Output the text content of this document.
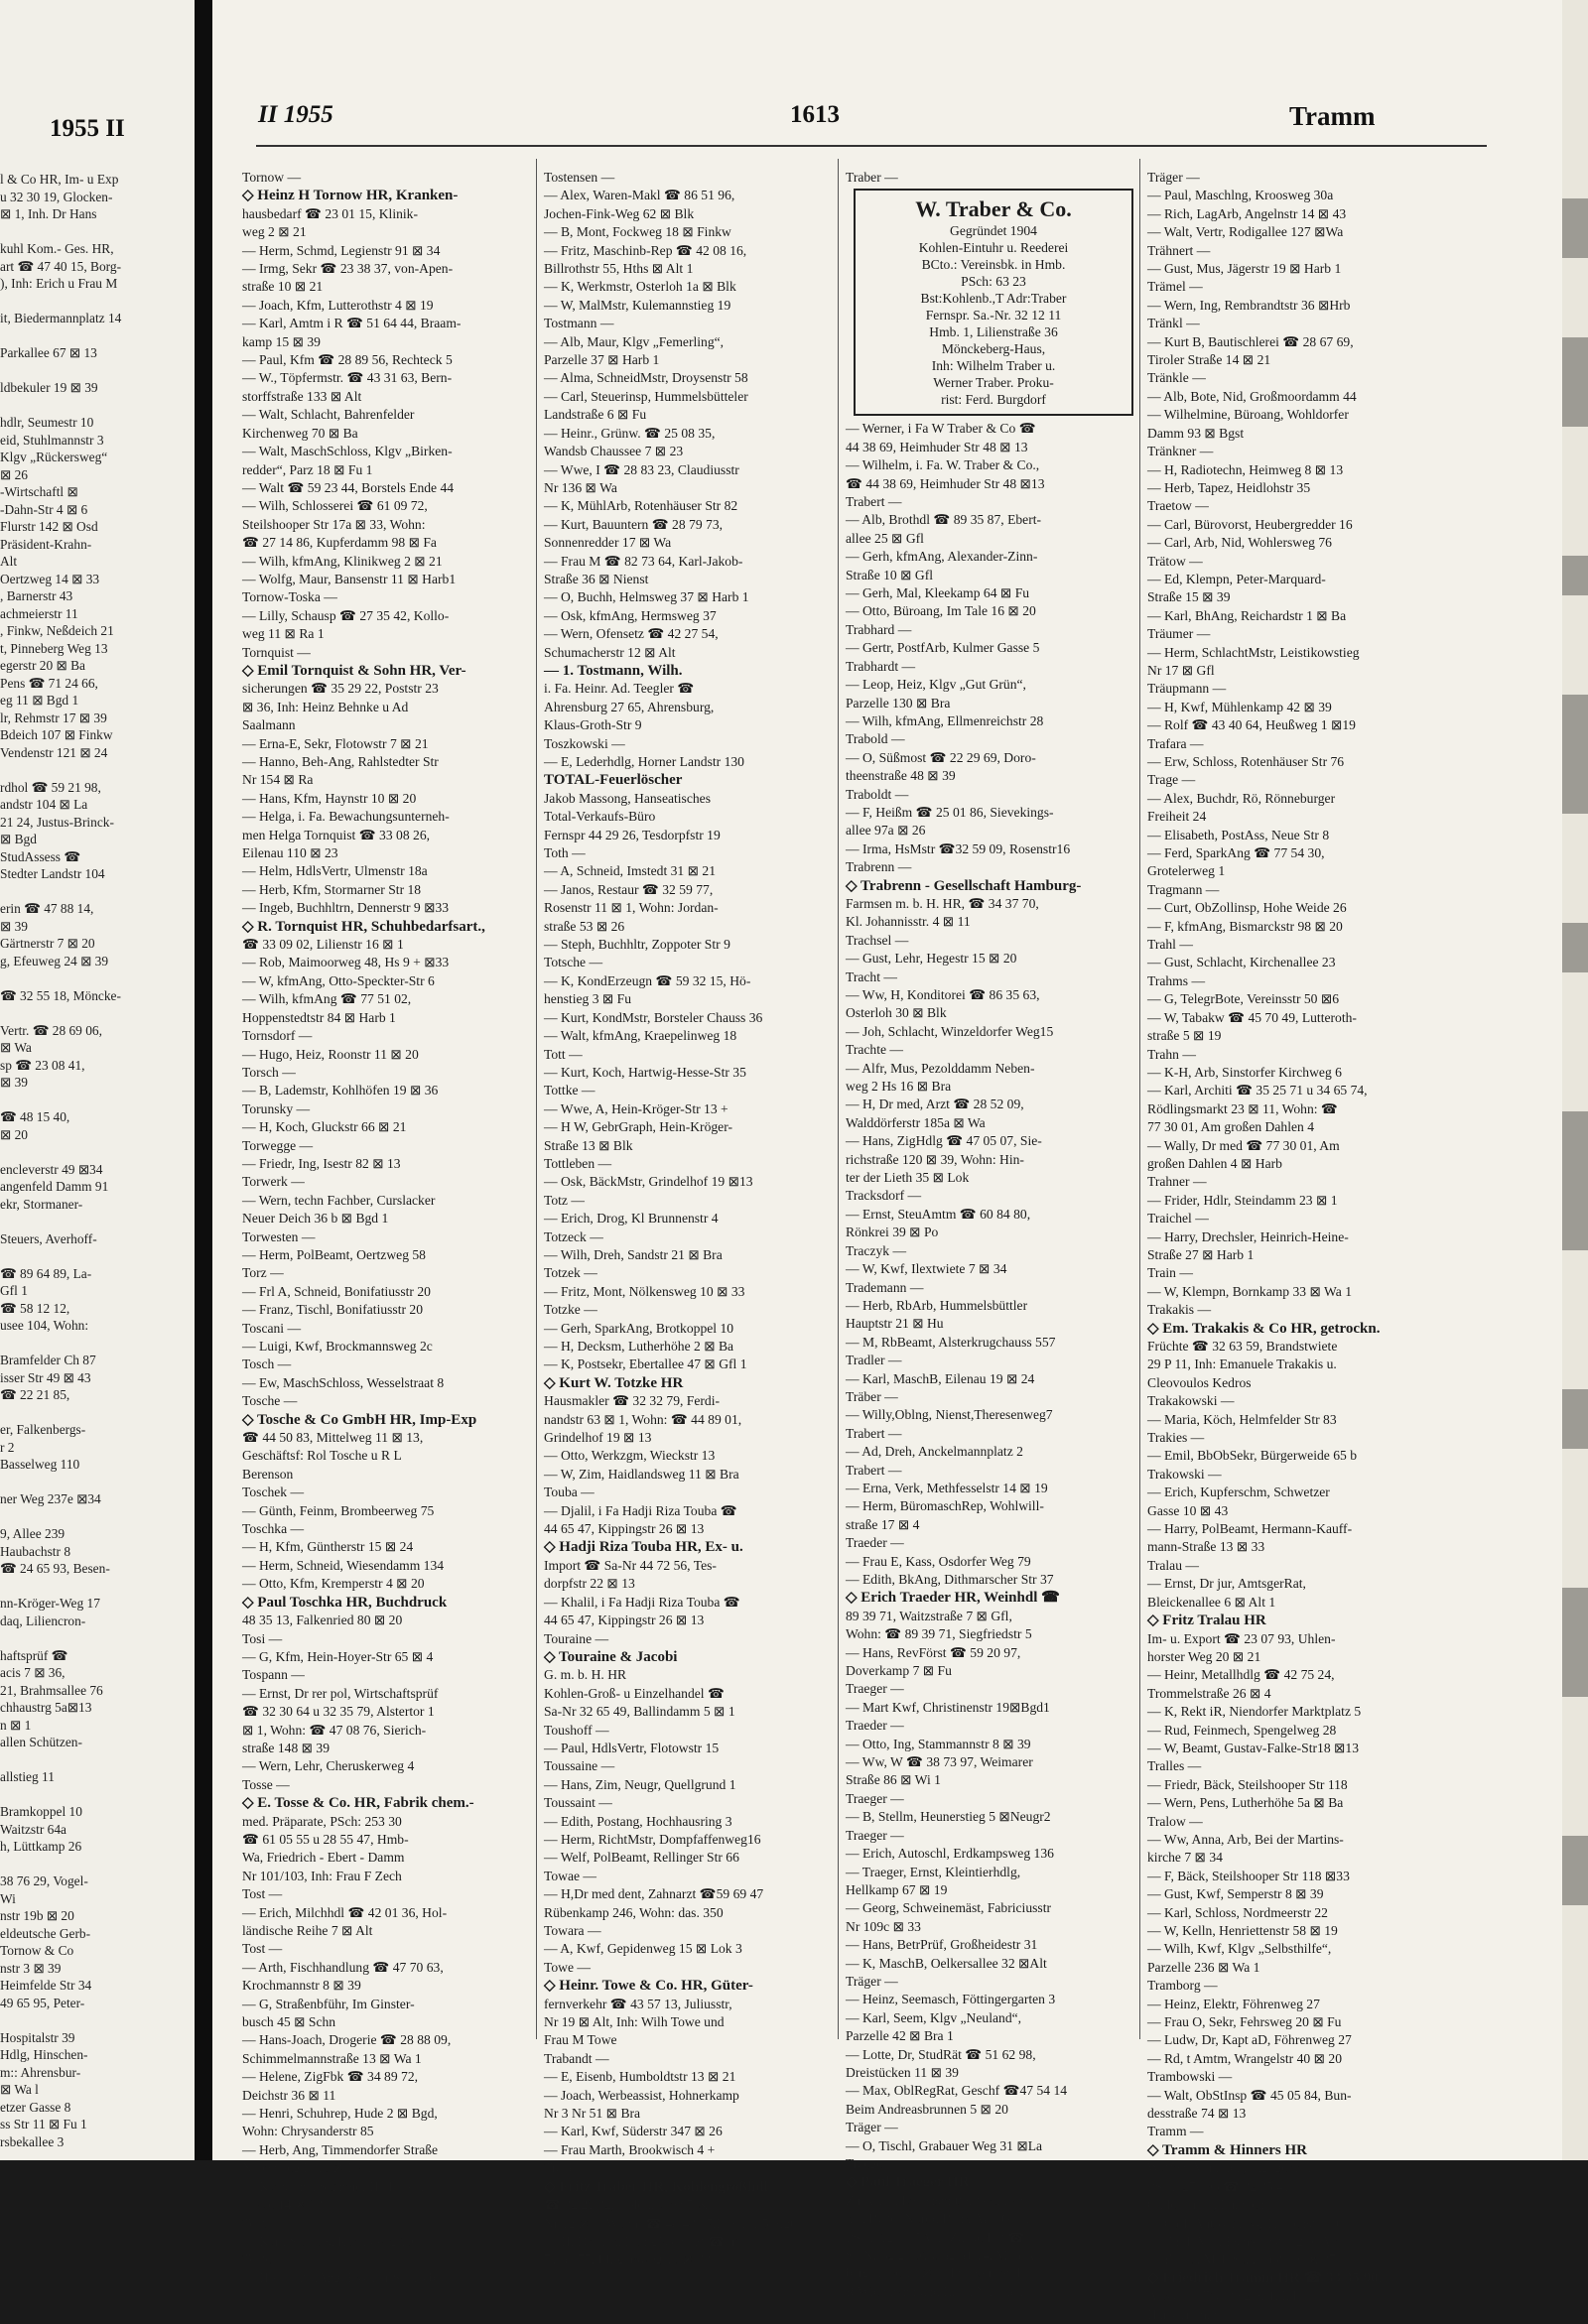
1955 II
l & Co HR, Im- u Exp
u 32 30 19, Glocken-
⊠ 1, Inh. Dr Hans

kuhl Kom.- Ges. HR,
art ☎ 47 40 15, Borg-
), Inh: Erich u Frau M

it, Biedermannplatz 14

Parkallee 67 ⊠ 13

ldbekuler 19 ⊠ 39

hdlr, Seumestr 10
eid, Stuhlmannstr 3
Klgv „Rückersweg“
⊠ 26
-Wirtschaftl ⊠
-Dahn-Str 4 ⊠ 6
Flurstr 142 ⊠ Osd
Präsident-Krahn-
Alt
Oertzweg 14 ⊠ 33
, Barnerstr 43
achmeierstr 11
, Finkw, Neßdeich 21
t, Pinneberg Weg 13
egerstr 20 ⊠ Ba
Pens ☎ 71 24 66,
eg 11 ⊠ Bgd 1
lr, Rehmstr 17 ⊠ 39
Bdeich 107 ⊠ Finkw
Vendenstr 121 ⊠ 24

rdhol ☎ 59 21 98,
andstr 104 ⊠ La
21 24, Justus-Brinck-
⊠ Bgd
StudAssess ☎
Stedter Landstr 104

erin ☎ 47 88 14,
⊠ 39
Gärtnerstr 7 ⊠ 20
g, Efeuweg 24 ⊠ 39

☎ 32 55 18, Möncke-

Vertr. ☎ 28 69 06,
⊠ Wa
sp ☎ 23 08 41,
⊠ 39

☎ 48 15 40,
⊠ 20

encleverstr 49 ⊠34
angenfeld Damm 91
ekr, Stormaner-

Steuers, Averhoff-

☎ 89 64 89, La-
Gfl 1
☎ 58 12 12,
usee 104, Wohn:

Bramfelder Ch 87
isser Str 49 ⊠ 43
☎ 22 21 85,

er, Falkenbergs-
r 2
Basselweg 110

ner Weg 237e ⊠34

9, Allee 239
Haubachstr 8
☎ 24 65 93, Besen-

nn-Kröger-Weg 17
daq, Liliencron-

haftsprüf ☎
acis 7 ⊠ 36,
21, Brahmsallee 76
chhaustrg 5a⊠13
n ⊠ 1
allen Schützen-

allstieg 11

Bramkoppel 10
Waitzstr 64a
h, Lüttkamp 26

38 76 29, Vogel-
Wi
nstr 19b ⊠ 20
eldeutsche Gerb-
Tornow & Co
nstr 3 ⊠ 39
Heimfelde Str 34
49 65 95, Peter-

Hospitalstr 39
Hdlg, Hinschen-
m:: Ahrensbur-
⊠ Wa l
etzer Gasse 8
ss Str 11 ⊠ Fu 1
rsbekallee 3
II 1955	1613	Tramm
Tornow —
◇ Heinz H Tornow HR, Kranken-
hausbedarf ☎ 23 01 15, Klinik-
weg 2 ⊠ 21
— Herm, Schmd, Legienstr 91 ⊠ 34
— Irmg, Sekr ☎ 23 38 37, von-Apen-
straße 10 ⊠ 21
— Joach, Kfm, Lutterothstr 4 ⊠ 19
— Karl, Amtm i R ☎ 51 64 44, Braam-
kamp 15 ⊠ 39
— Paul, Kfm ☎ 28 89 56, Rechteck 5
— W., Töpfermstr. ☎ 43 31 63, Bern-
storffstraße 133 ⊠ Alt
— Walt, Schlacht, Bahrenfelder
Kirchenweg 70 ⊠ Ba
— Walt, MaschSchloss, Klgv „Birken-
redder“, Parz 18 ⊠ Fu 1
— Walt ☎ 59 23 44, Borstels Ende 44
— Wilh, Schlosserei ☎ 61 09 72,
Steilshooper Str 17a ⊠ 33, Wohn:
☎ 27 14 86, Kupferdamm 98 ⊠ Fa
— Wilh, kfmAng, Klinikweg 2 ⊠ 21
— Wolfg, Maur, Bansenstr 11 ⊠ Harb1
Tornow-Toska —
— Lilly, Schausp ☎ 27 35 42, Kollo-
weg 11 ⊠ Ra 1
Tornquist —
◇ Emil Tornquist & Sohn HR, Ver-
sicherungen ☎ 35 29 22, Poststr 23
⊠ 36, Inh: Heinz Behnke u Ad
Saalmann
— Erna-E, Sekr, Flotowstr 7 ⊠ 21
— Hanno, Beh-Ang, Rahlstedter Str
Nr 154 ⊠ Ra
— Hans, Kfm, Haynstr 10 ⊠ 20
— Helga, i. Fa. Bewachungsunterneh-
men Helga Tornquist ☎ 33 08 26,
Eilenau 110 ⊠ 23
— Helm, HdlsVertr, Ulmenstr 18a
— Herb, Kfm, Stormarner Str 18
— Ingeb, Buchhltrn, Dennerstr 9 ⊠33
◇ R. Tornquist HR, Schuhbedarfsart.,
☎ 33 09 02, Lilienstr 16 ⊠ 1
— Rob, Maimoorweg 48, Hs 9 + ⊠33
— W, kfmAng, Otto-Speckter-Str 6
— Wilh, kfmAng ☎ 77 51 02,
Hoppenstedtstr 84 ⊠ Harb 1
Tornsdorf —
— Hugo, Heiz, Roonstr 11 ⊠ 20
Torsch —
— B, Lademstr, Kohlhöfen 19 ⊠ 36
Torunsky —
— H, Koch, Gluckstr 66 ⊠ 21
Torwegge —
— Friedr, Ing, Isestr 82 ⊠ 13
Torwerk —
— Wern, techn Fachber, Curslacker
Neuer Deich 36 b ⊠ Bgd 1
Torwesten —
— Herm, PolBeamt, Oertzweg 58
Torz —
— Frl A, Schneid, Bonifatiusstr 20
— Franz, Tischl, Bonifatiusstr 20
Toscani —
— Luigi, Kwf, Brockmannsweg 2c
Tosch —
— Ew, MaschSchloss, Wesselstraat 8
Tosche —
◇ Tosche & Co GmbH HR, Imp-Exp
☎ 44 50 83, Mittelweg 11 ⊠ 13,
Geschäftsf: Rol Tosche u R L
Berenson
Toschek —
— Günth, Feinm, Brombeerweg 75
Toschka —
— H, Kfm, Güntherstr 15 ⊠ 24
— Herm, Schneid, Wiesendamm 134
— Otto, Kfm, Kremperstr 4 ⊠ 20
◇ Paul Toschka HR, Buchdruck
48 35 13, Falkenried 80 ⊠ 20
Tosi —
— G, Kfm, Hein-Hoyer-Str 65 ⊠ 4
Tospann —
— Ernst, Dr rer pol, Wirtschaftsprüf
☎ 32 30 64 u 32 35 79, Alstertor 1
⊠ 1, Wohn: ☎ 47 08 76, Sierich-
straße 148 ⊠ 39
— Wern, Lehr, Cheruskerweg 4
Tosse —
◇ E. Tosse & Co. HR, Fabrik chem.-
med. Präparate, PSch: 253 30
☎ 61 05 55 u 28 55 47, Hmb-
Wa, Friedrich - Ebert - Damm
Nr 101/103, Inh: Frau F Zech
Tost —
— Erich, Milchhdl ☎ 42 01 36, Hol-
ländische Reihe 7 ⊠ Alt
Tost —
— Arth, Fischhandlung ☎ 47 70 63,
Krochmannstr 8 ⊠ 39
— G, Straßenbführ, Im Ginster-
busch 45 ⊠ Schn
— Hans-Joach, Drogerie ☎ 28 88 09,
Schimmelmannstraße 13 ⊠ Wa 1
— Helene, ZigFbk ☎ 34 89 72,
Deichstr 36 ⊠ 11
— Henri, Schuhrep, Hude 2 ⊠ Bgd,
Wohn: Chrysanderstr 85
— Herb, Ang, Timmendorfer Straße
Nebenweg H 18 ⊠ Ra 1
— Katharina, Schneid, Hellbrook-
straße 14 ⊠ 33
Tosta —
— Karl, Schloss, Rütersbarg 10
Toste —
— Horst, kfmAng, Essener Str 13 b
Tostensen —
— Alex, Waren-Makl ☎ 86 51 96,
Jochen-Fink-Weg 62 ⊠ Blk
— B, Mont, Fockweg 18 ⊠ Finkw
— Fritz, Maschinb-Rep ☎ 42 08 16,
Billrothstr 55, Hths ⊠ Alt 1
— K, Werkmstr, Osterloh 1a ⊠ Blk
— W, MalMstr, Kulemannstieg 19
Tostmann —
— Alb, Maur, Klgv „Femerling“,
Parzelle 37 ⊠ Harb 1
— Alma, SchneidMstr, Droysenstr 58
— Carl, Steuerinsp, Hummelsbütteler
Landstraße 6 ⊠ Fu
— Heinr., Grünw. ☎ 25 08 35,
Wandsb Chaussee 7 ⊠ 23
— Wwe, I ☎ 28 83 23, Claudiusstr
Nr 136 ⊠ Wa
— K, MühlArb, Rotenhäuser Str 82
— Kurt, Bauuntern ☎ 28 79 73,
Sonnenredder 17 ⊠ Wa
— Frau M ☎ 82 73 64, Karl-Jakob-
Straße 36 ⊠ Nienst
— O, Buchh, Helmsweg 37 ⊠ Harb 1
— Osk, kfmAng, Hermsweg 37
— Wern, Ofensetz ☎ 42 27 54,
Schumacherstr 12 ⊠ Alt
— 1. Tostmann, Wilh.
i. Fa. Heinr. Ad. Teegler ☎
Ahrensburg 27 65, Ahrensburg,
Klaus-Groth-Str 9
Toszkowski —
— E, Lederhdlg, Horner Landstr 130
TOTAL-Feuerlöscher
Jakob Massong, Hanseatisches
Total-Verkaufs-Büro
Fernspr 44 29 26, Tesdorpfstr 19
Toth —
— A, Schneid, Imstedt 31 ⊠ 21
— Janos, Restaur ☎ 32 59 77,
Rosenstr 11 ⊠ 1, Wohn: Jordan-
straße 53 ⊠ 26
— Steph, Buchhltr, Zoppoter Str 9
Totsche —
— K, KondErzeugn ☎ 59 32 15, Hö-
henstieg 3 ⊠ Fu
— Kurt, KondMstr, Borsteler Chauss 36
— Walt, kfmAng, Kraepelinweg 18
Tott —
— Kurt, Koch, Hartwig-Hesse-Str 35
Tottke —
— Wwe, A, Hein-Kröger-Str 13 +
— H W, GebrGraph, Hein-Kröger-
Straße 13 ⊠ Blk
Tottleben —
— Osk, BäckMstr, Grindelhof 19 ⊠13
Totz —
— Erich, Drog, Kl Brunnenstr 4
Totzeck —
— Wilh, Dreh, Sandstr 21 ⊠ Bra
Totzek —
— Fritz, Mont, Nölkensweg 10 ⊠ 33
Totzke —
— Gerh, SparkAng, Brotkoppel 10
— H, Decksm, Lutherhöhe 2 ⊠ Ba
— K, Postsekr, Ebertallee 47 ⊠ Gfl 1
◇ Kurt W. Totzke HR
Hausmakler ☎ 32 32 79, Ferdi-
nandstr 63 ⊠ 1, Wohn: ☎ 44 89 01,
Grindelhof 19 ⊠ 13
— Otto, Werkzgm, Wieckstr 13
— W, Zim, Haidlandsweg 11 ⊠ Bra
Touba —
— Djalil, i Fa Hadji Riza Touba ☎
44 65 47, Kippingstr 26 ⊠ 13
◇ Hadji Riza Touba HR, Ex- u.
Import ☎ Sa-Nr 44 72 56, Tes-
dorpfstr 22 ⊠ 13
— Khalil, i Fa Hadji Riza Touba ☎
44 65 47, Kippingstr 26 ⊠ 13
Touraine —
◇ Touraine & Jacobi
G. m. b. H. HR
Kohlen-Groß- u Einzelhandel ☎
Sa-Nr 32 65 49, Ballindamm 5 ⊠ 1
Toushoff —
— Paul, HdlsVertr, Flotowstr 15
Toussaine —
— Hans, Zim, Neugr, Quellgrund 1
Toussaint —
— Edith, Postang, Hochhausring 3
— Herm, RichtMstr, Dompfaffenweg16
— Welf, PolBeamt, Rellinger Str 66
Towae —
— H,Dr med dent, Zahnarzt ☎59 69 47
Rübenkamp 246, Wohn: das. 350
Towara —
— A, Kwf, Gepidenweg 15 ⊠ Lok 3
Towe —
◇ Heinr. Towe & Co. HR, Güter-
fernverkehr ☎ 43 57 13, Juliusstr,
Nr 19 ⊠ Alt, Inh: Wilh Towe und
Frau M Towe
Trabandt —
— E, Eisenb, Humboldtstr 13 ⊠ 21
— Joach, Werbeassist, Hohnerkamp
Nr 3 Nr 51 ⊠ Bra
— Karl, Kwf, Süderstr 347 ⊠ 26
— Frau Marth, Brookwisch 4 +
Traber —
◇ Fritz Traber HR, Kohlengroßhdl
☎ 32 21 32, Colonnaden 5 ⊠ 36
Nr 12 ⊠ 1, Wohn: ☎ 48 43 67,Haynstr 5 ⊠20
— H, Dr med, RöntgFacharzt ☎ üb
71 30 75, Elligersweg 18 ⊠ 33
Traber —
W. Traber & Co.
Gegründet 1904
Kohlen-Eintuhr u. Reederei
BCto.: Vereinsbk. in Hmb.
PSch: 63 23
Bst:Kohlenb.,T Adr:Traber
Fernspr. Sa.-Nr. 32 12 11
Hmb. 1, Lilienstraße 36
Mönckeberg-Haus,
Inh: Wilhelm Traber u.
Werner Traber. Proku-
rist: Ferd. Burgdorf
— Werner, i Fa W Traber & Co ☎
44 38 69, Heimhuder Str 48 ⊠ 13
— Wilhelm, i. Fa. W. Traber & Co.,
☎ 44 38 69, Heimhuder Str 48 ⊠13
Trabert —
— Alb, Brothdl ☎ 89 35 87, Ebert-
allee 25 ⊠ Gfl
— Gerh, kfmAng, Alexander-Zinn-
Straße 10 ⊠ Gfl
— Gerh, Mal, Kleekamp 64 ⊠ Fu
— Otto, Büroang, Im Tale 16 ⊠ 20
Trabhard —
— Gertr, PostfArb, Kulmer Gasse 5
Trabhardt —
— Leop, Heiz, Klgv „Gut Grün“,
Parzelle 130 ⊠ Bra
— Wilh, kfmAng, Ellmenreichstr 28
Trabold —
— O, Süßmost ☎ 22 29 69, Doro-
theenstraße 48 ⊠ 39
Traboldt —
— F, Heißm ☎ 25 01 86, Sievekings-
allee 97a ⊠ 26
— Irma, HsMstr ☎32 59 09, Rosenstr16
Trabrenn —
◇ Trabrenn - Gesellschaft Hamburg-
Farmsen m. b. H. HR, ☎ 34 37 70,
Kl. Johannisstr. 4 ⊠ 11
Trachsel —
— Gust, Lehr, Hegestr 15 ⊠ 20
Tracht —
— Ww, H, Konditorei ☎ 86 35 63,
Osterloh 30 ⊠ Blk
— Joh, Schlacht, Winzeldorfer Weg15
Trachte —
— Alfr, Mus, Pezolddamm Neben-
weg 2 Hs 16 ⊠ Bra
— H, Dr med, Arzt ☎ 28 52 09,
Walddörferstr 185a ⊠ Wa
— Hans, ZigHdlg ☎ 47 05 07, Sie-
richstraße 120 ⊠ 39, Wohn: Hin-
ter der Lieth 35 ⊠ Lok
Tracksdorf —
— Ernst, SteuAmtm ☎ 60 84 80,
Rönkrei 39 ⊠ Po
Traczyk —
— W, Kwf, Ilextwiete 7 ⊠ 34
Trademann —
— Herb, RbArb, Hummelsbüttler
Hauptstr 21 ⊠ Hu
— M, RbBeamt, Alsterkrugchauss 557
Tradler —
— Karl, MaschB, Eilenau 19 ⊠ 24
Träber —
— Willy,Oblng, Nienst,Theresenweg7
Trabert —
— Ad, Dreh, Anckelmannplatz 2
Trabert —
— Erna, Verk, Methfesselstr 14 ⊠ 19
— Herm, BüromaschRep, Wohlwill-
straße 17 ⊠ 4
Traeder —
— Frau E, Kass, Osdorfer Weg 79
— Edith, BkAng, Dithmarscher Str 37
◇ Erich Traeder HR, Weinhdl ☎
89 39 71, Waitzstraße 7 ⊠ Gfl,
Wohn: ☎ 89 39 71, Siegfriedstr 5
— Hans, RevFörst ☎ 59 20 97,
Doverkamp 7 ⊠ Fu
Traeger —
— Mart Kwf, Christinenstr 19⊠Bgd1
Traeder —
— Otto, Ing, Stammannstr 8 ⊠ 39
— Ww, W ☎ 38 73 97, Weimarer
Straße 86 ⊠ Wi 1
Traeger —
— B, Stellm, Heunerstieg 5 ⊠Neugr2
Traeger —
— Erich, Autoschl, Erdkampsweg 136
— Traeger, Ernst, Kleintierhdlg,
Hellkamp 67 ⊠ 19
— Georg, Schweinemäst, Fabriciusstr
Nr 109c ⊠ 33
— Hans, BetrPrüf, Großheidestr 31
— K, MaschB, Oelkersallee 32 ⊠Alt
Träger —
— Heinz, Seemasch, Föttingergarten 3
— Karl, Seem, Klgv „Neuland“,
Parzelle 42 ⊠ Bra 1
— Lotte, Dr, StudRät ☎ 51 62 98,
Dreistücken 11 ⊠ 39
— Max, OblRegRat, Geschf ☎47 54 14
Beim Andreasbrunnen 5 ⊠ 20
Träger —
— O, Tischl, Grabauer Weg 31 ⊠La
Traeger —
◇ Paul Traeger HR
Zucker- u Lebensmittel-Großhan-
del, BCto: Nordd Bank Akt.-Ges.,
PSch: 1231, TAdr: Zuckerhut ☎
Sa-Nr 32 28 01 u 32 31 14, Möncke-
bergstraße 10 ⊠ 1, Inh: Gustav E
R Wichmann und Erich Nuesken
Träger —
— Paul, Maschlng, Kroosweg 30a
— Rich, LagArb, Angelnstr 14 ⊠ 43
— Walt, Vertr, Rodigallee 127 ⊠Wa
Trähnert —
— Gust, Mus, Jägerstr 19 ⊠ Harb 1
Trämel —
— Wern, Ing, Rembrandtstr 36 ⊠Hrb
Tränkl —
— Kurt B, Bautischlerei ☎ 28 67 69,
Tiroler Straße 14 ⊠ 21
Tränkle —
— Alb, Bote, Nid, Großmoordamm 44
— Wilhelmine, Büroang, Wohldorfer
Damm 93 ⊠ Bgst
Tränkner —
— H, Radiotechn, Heimweg 8 ⊠ 13
— Herb, Tapez, Heidlohstr 35
Traetow —
— Carl, Bürovorst, Heubergredder 16
— Carl, Arb, Nid, Wohlersweg 76
Trätow —
— Ed, Klempn, Peter-Marquard-
Straße 15 ⊠ 39
— Karl, BhAng, Reichardstr 1 ⊠ Ba
Träumer —
— Herm, SchlachtMstr, Leistikowstieg
Nr 17 ⊠ Gfl
Träupmann —
— H, Kwf, Mühlenkamp 42 ⊠ 39
— Rolf ☎ 43 40 64, Heußweg 1 ⊠19
Trafara —
— Erw, Schloss, Rotenhäuser Str 76
Trage —
— Alex, Buchdr, Rö, Rönneburger
Freiheit 24
— Elisabeth, PostAss, Neue Str 8
— Ferd, SparkAng ☎ 77 54 30,
Grotelerweg 1
Tragmann —
— Curt, ObZollinsp, Hohe Weide 26
— F, kfmAng, Bismarckstr 98 ⊠ 20
Trahl —
— Gust, Schlacht, Kirchenallee 23
Trahms —
— G, TelegrBote, Vereinsstr 50 ⊠6
— W, Tabakw ☎ 45 70 49, Lutteroth-
straße 5 ⊠ 19
Trahn —
— K-H, Arb, Sinstorfer Kirchweg 6
— Karl, Architi ☎ 35 25 71 u 34 65 74,
Rödlingsmarkt 23 ⊠ 11, Wohn: ☎
77 30 01, Am großen Dahlen 4
— Wally, Dr med ☎ 77 30 01, Am
großen Dahlen 4 ⊠ Harb
Trahner —
— Frider, Hdlr, Steindamm 23 ⊠ 1
Traichel —
— Harry, Drechsler, Heinrich-Heine-
Straße 27 ⊠ Harb 1
Train —
— W, Klempn, Bornkamp 33 ⊠ Wa 1
Trakakis —
◇ Em. Trakakis & Co HR, getrockn.
Früchte ☎ 32 63 59, Brandstwiete
29 P 11, Inh: Emanuele Trakakis u.
Cleovoulos Kedros
Trakakowski —
— Maria, Köch, Helmfelder Str 83
Trakies —
— Emil, BbObSekr, Bürgerweide 65 b
Trakowski —
— Erich, Kupferschm, Schwetzer
Gasse 10 ⊠ 43
— Harry, PolBeamt, Hermann-Kauff-
mann-Straße 13 ⊠ 33
Tralau —
— Ernst, Dr jur, AmtsgerRat,
Bleickenallee 6 ⊠ Alt 1
◇ Fritz Tralau HR
Im- u. Export ☎ 23 07 93, Uhlen-
horster Weg 20 ⊠ 21
— Heinr, Metallhdlg ☎ 42 75 24,
Trommelstraße 26 ⊠ 4
— K, Rekt iR, Niendorfer Marktplatz 5
— Rud, Feinmech, Spengelweg 28
— W, Beamt, Gustav-Falke-Str18 ⊠13
Tralles —
— Friedr, Bäck, Steilshooper Str 118
— Wern, Pens, Lutherhöhe 5a ⊠ Ba
Tralow —
— Ww, Anna, Arb, Bei der Martins-
kirche 7 ⊠ 34
— F, Bäck, Steilshooper Str 118 ⊠33
— Gust, Kwf, Semperstr 8 ⊠ 39
— Karl, Schloss, Nordmeerstr 22
— W, Kelln, Henriettenstr 58 ⊠ 19
— Wilh, Kwf, Klgv „Selbsthilfe“,
Parzelle 236 ⊠ Wa 1
Tramborg —
— Heinz, Elektr, Föhrenweg 27
— Frau O, Sekr, Fehrsweg 20 ⊠ Fu
— Ludw, Dr, Kapt aD, Föhrenweg 27
— Rd, t Amtm, Wrangelstr 40 ⊠ 20
Trambowski —
— Walt, ObStInsp ☎ 45 05 84, Bun-
desstraße 74 ⊠ 13
Tramm —
◇ Tramm & Hinners HR
Waffen, Munition, Jagdgeräte,
PSch: 271 96 ☎ 32 35 41
Chilehaus C, Pumpen 6 d
— Carl, Autoschloss, Thadenstr 110
— Emil, Mal, Esmarchstr 62 ⊠ Alt
— Friedr, Mal, Schillerstr 16 ⊠ 37
◇ Friedrich Tramm HR ☎ 33 35 90,
Altstädter Twiete 2 ⊠ 1, Inh:
Hans Tramm
